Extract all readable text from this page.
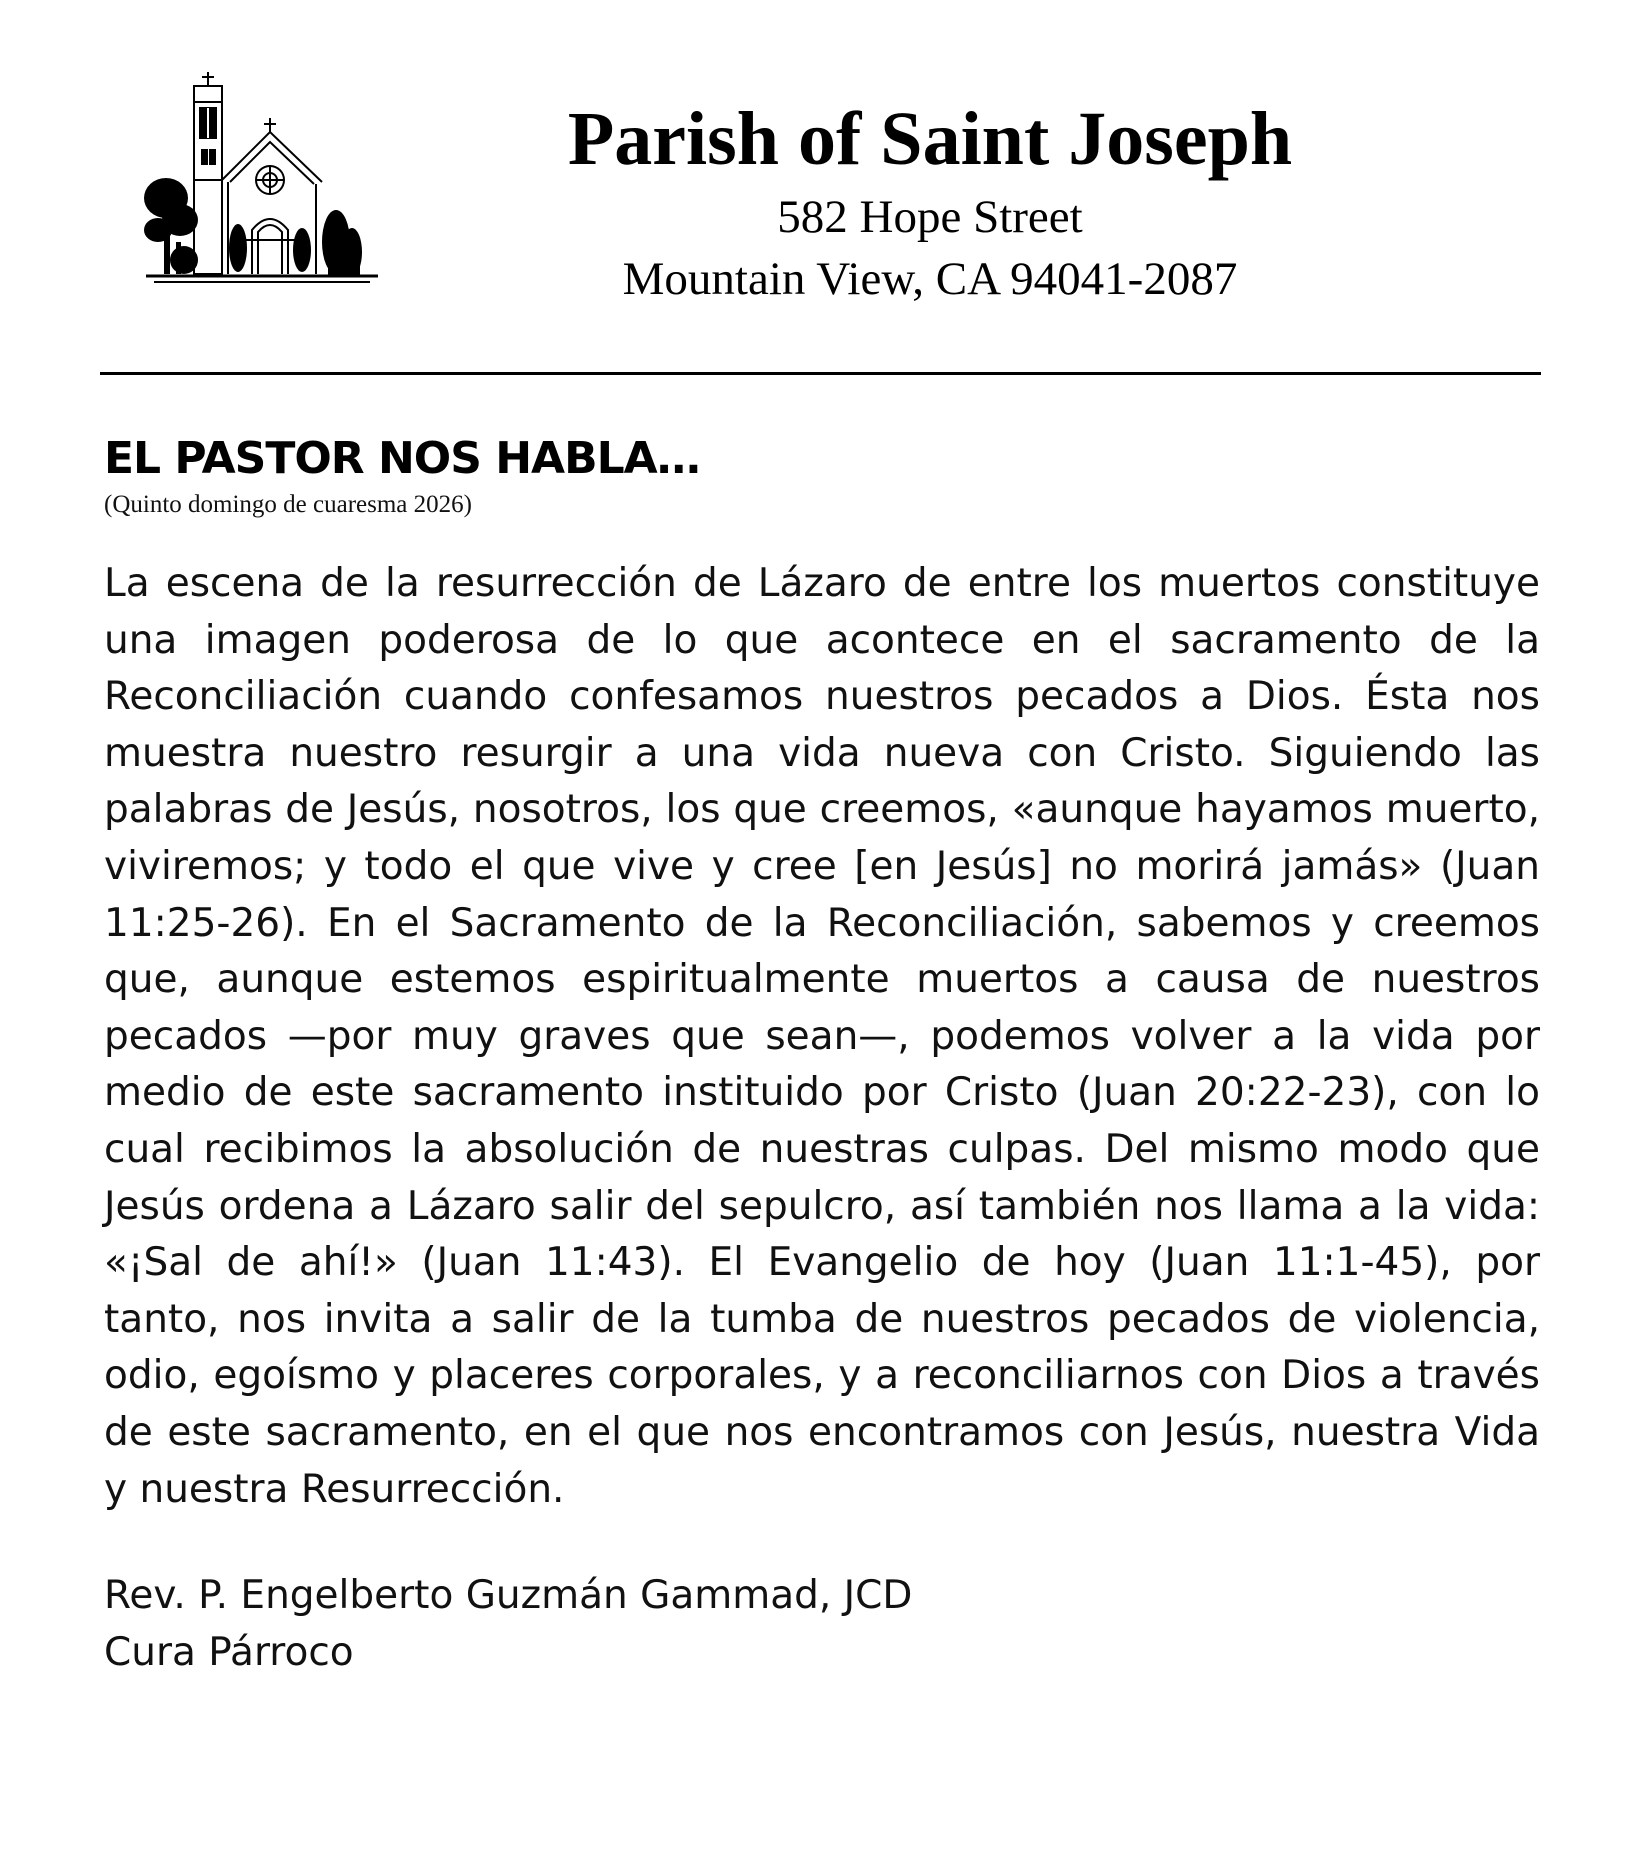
Parish of Saint Joseph
582 Hope Street
Mountain View, CA 94041-2087
EL PASTOR NOS HABLA…
(Quinto domingo de cuaresma 2026)

La escena de la resurrección de Lázaro de entre los muertos constituye una imagen poderosa de lo que acontece en el sacramento de la Reconciliación cuando confesamos nuestros pecados a Dios. Ésta nos muestra nuestro resurgir a una vida nueva con Cristo. Siguiendo las palabras de Jesús, nosotros, los que creemos, «aunque hayamos muerto, viviremos; y todo el que vive y cree [en Jesús] no morirá jamás» (Juan 11:25-26). En el Sacramento de la Reconciliación, sabemos y creemos que, aunque estemos espiritualmente muertos a causa de nuestros pecados —por muy graves que sean—, podemos volver a la vida por medio de este sacramento instituido por Cristo (Juan 20:22-23), con lo cual recibimos la absolución de nuestras culpas. Del mismo modo que Jesús ordena a Lázaro salir del sepulcro, así también nos llama a la vida: «¡Sal de ahí!» (Juan 11:43). El Evangelio de hoy (Juan 11:1-45), por tanto, nos invita a salir de la tumba de nuestros pecados de violencia, odio, egoísmo y placeres corporales, y a reconciliarnos con Dios a través de este sacramento, en el que nos encontramos con Jesús, nuestra Vida y nuestra Resurrección.

Rev. P. Engelberto Guzmán Gammad, JCD
Cura Párroco
